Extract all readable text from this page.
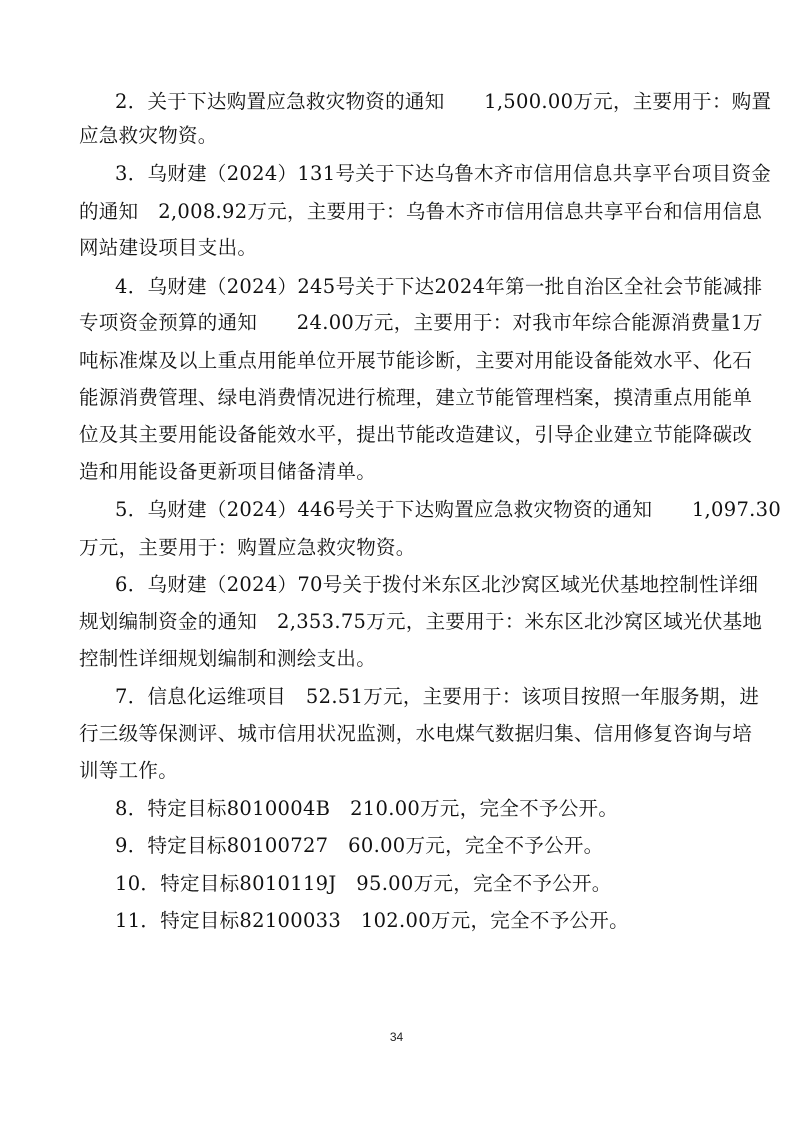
2．关于下达购置应急救灾物资的通知　　1,500.00万元，主要用于：购置
应急救灾物资。
3．乌财建（2024）131号关于下达乌鲁木齐市信用信息共享平台项目资金
的通知　2,008.92万元，主要用于：乌鲁木齐市信用信息共享平台和信用信息
网站建设项目支出。
4．乌财建（2024）245号关于下达2024年第一批自治区全社会节能减排
专项资金预算的通知　　24.00万元，主要用于：对我市年综合能源消费量1万
吨标准煤及以上重点用能单位开展节能诊断，主要对用能设备能效水平、化石
能源消费管理、绿电消费情况进行梳理，建立节能管理档案，摸清重点用能单
位及其主要用能设备能效水平，提出节能改造建议，引导企业建立节能降碳改
造和用能设备更新项目储备清单。
5．乌财建（2024）446号关于下达购置应急救灾物资的通知　　1,097.30
万元，主要用于：购置应急救灾物资。
6．乌财建（2024）70号关于拨付米东区北沙窝区域光伏基地控制性详细
规划编制资金的通知　2,353.75万元，主要用于：米东区北沙窝区域光伏基地
控制性详细规划编制和测绘支出。
7．信息化运维项目　52.51万元，主要用于：该项目按照一年服务期，进
行三级等保测评、城市信用状况监测，水电煤气数据归集、信用修复咨询与培
训等工作。
8．特定目标8010004B　210.00万元，完全不予公开。
9．特定目标80100727　60.00万元，完全不予公开。
10．特定目标8010119J　95.00万元，完全不予公开。
11．特定目标82100033　102.00万元，完全不予公开。
34
